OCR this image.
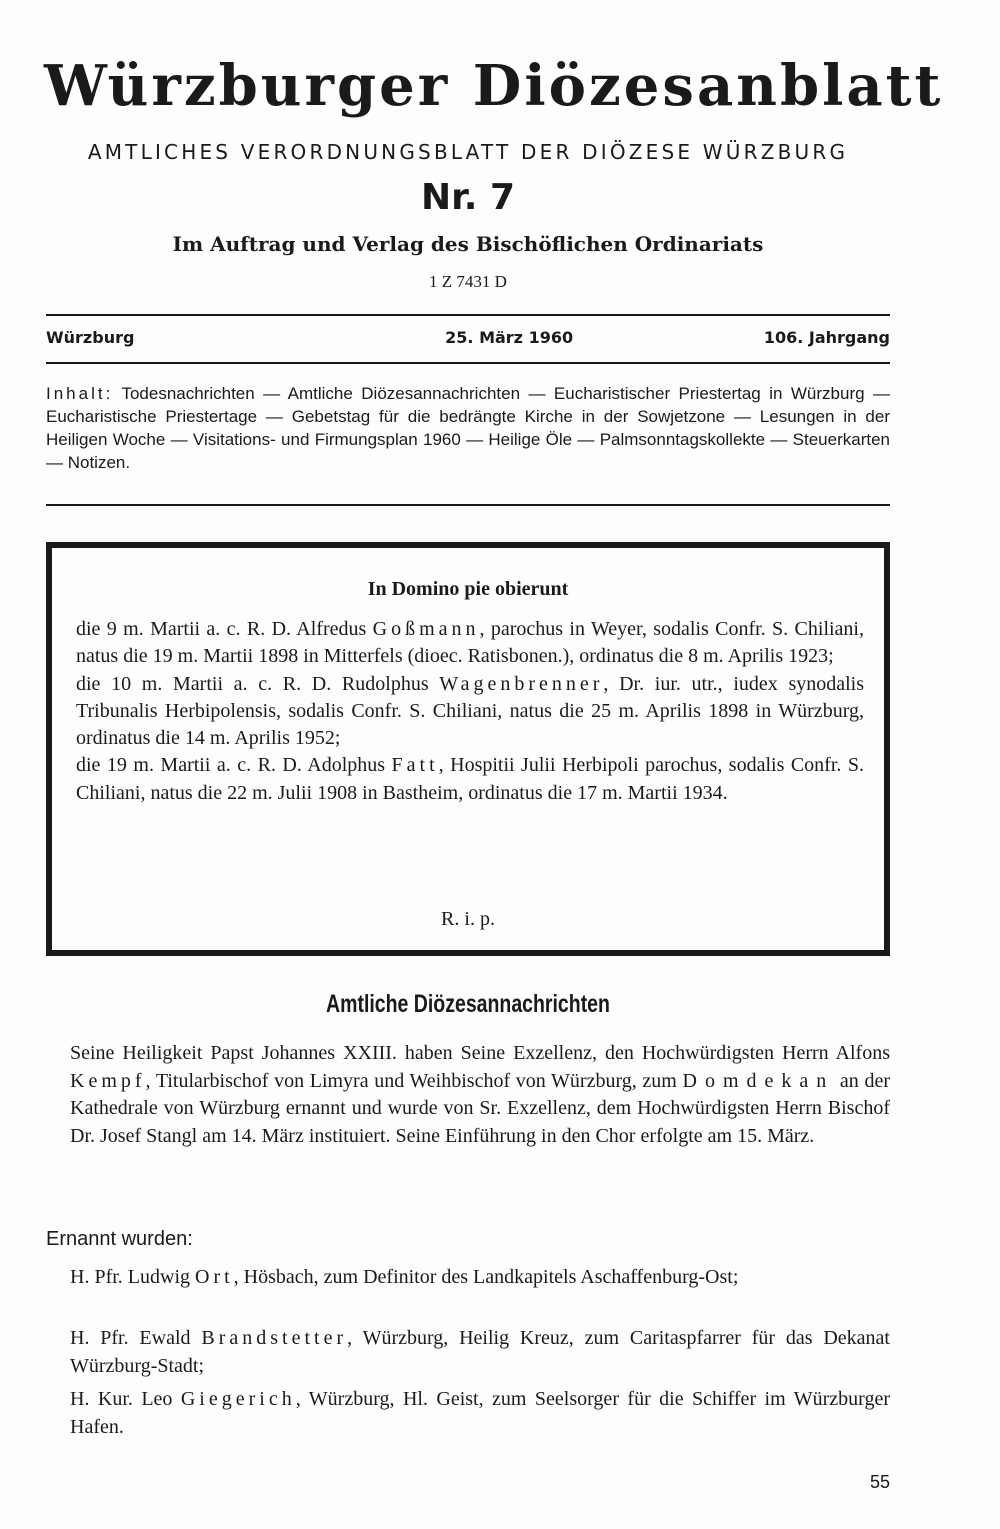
Würzburger Diözesanblatt
AMTLICHES VERORDNUNGSBLATT DER DIÖZESE WÜRZBURG
Nr. 7
Im Auftrag und Verlag des Bischöflichen Ordinariats
1 Z 7431 D
Würzburg	25. März 1960	106. Jahrgang
Inhalt: Todesnachrichten — Amtliche Diözesannachrichten — Eucharistischer Priestertag in Würzburg — Eucharistische Priestertage — Gebetstag für die bedrängte Kirche in der Sowjetzone — Lesungen in der Heiligen Woche — Visitations- und Firmungsplan 1960 — Heilige Öle — Palmsonntagskollekte — Steuerkarten — Notizen.
In Domino pie obierunt

die 9 m. Martii a. c. R. D. Alfredus Goßmann, parochus in Weyer, sodalis Confr. S. Chiliani, natus die 19 m. Martii 1898 in Mitterfels (dioec. Ratisbonen.), ordinatus die 8 m. Aprilis 1923;

die 10 m. Martii a. c. R. D. Rudolphus Wagenbrenner, Dr. iur. utr., iudex synodalis Tribunalis Herbipolensis, sodalis Confr. S. Chiliani, natus die 25 m. Aprilis 1898 in Würzburg, ordinatus die 14 m. Aprilis 1952;

die 19 m. Martii a. c. R. D. Adolphus Fatt, Hospitii Julii Herbipoli parochus, sodalis Confr. S. Chiliani, natus die 22 m. Julii 1908 in Bastheim, ordinatus die 17 m. Martii 1934.

R. i. p.
Amtliche Diözesannachrichten

Seine Heiligkeit Papst Johannes XXIII. haben Seine Exzellenz, den Hochwürdigsten Herrn Alfons Kempf, Titularbischof von Limyra und Weihbischof von Würzburg, zum Domdekan an der Kathedrale von Würzburg ernannt und wurde von Sr. Exzellenz, dem Hochwürdigsten Herrn Bischof Dr. Josef Stangl am 14. März instituiert. Seine Einführung in den Chor erfolgte am 15. März.

Ernannt wurden:
H. Pfr. Ludwig Ort, Hösbach, zum Definitor des Landkapitels Aschaffenburg-Ost;
H. Pfr. Ewald Brandstetter, Würzburg, Heilig Kreuz, zum Caritaspfarrer für das Dekanat Würzburg-Stadt;
H. Kur. Leo Giegerich, Würzburg, Hl. Geist, zum Seelsorger für die Schiffer im Würzburger Hafen.
55
